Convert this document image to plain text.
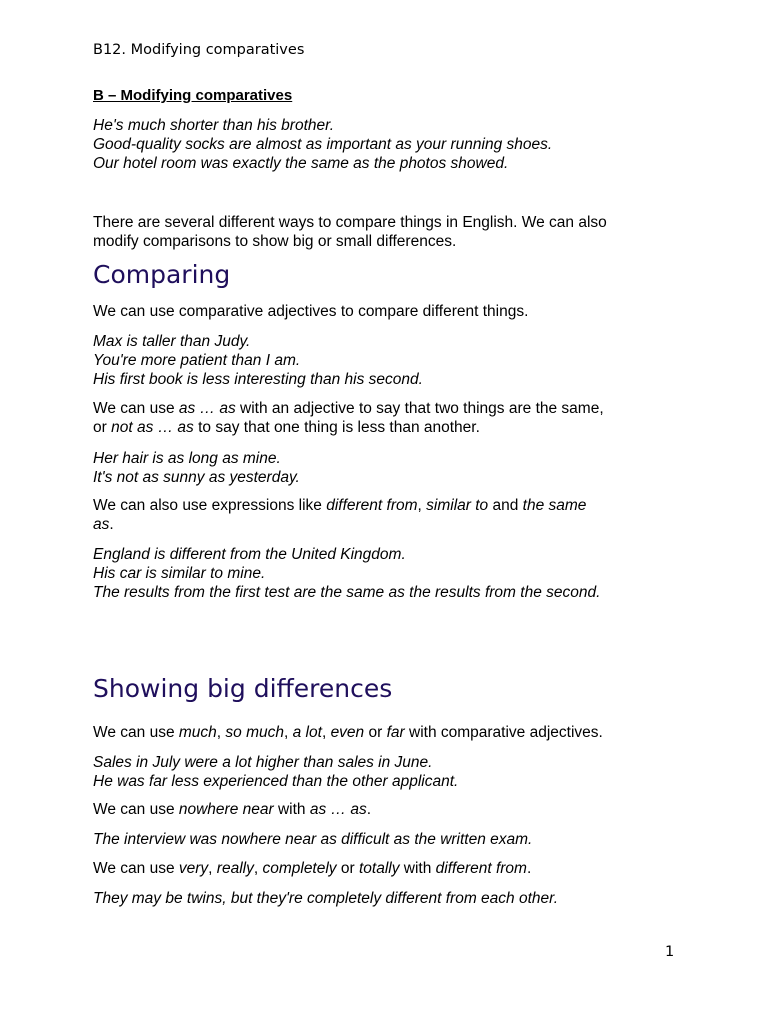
B12. Modifying comparatives
B – Modifying comparatives
He's much shorter than his brother.
Good-quality socks are almost as important as your running shoes.
Our hotel room was exactly the same as the photos showed.
There are several different ways to compare things in English. We can also
modify comparisons to show big or small differences.
Comparing
We can use comparative adjectives to compare different things.
Max is taller than Judy.
You're more patient than I am.
His first book is less interesting than his second.
We can use as … as with an adjective to say that two things are the same,
or not as … as to say that one thing is less than another.
Her hair is as long as mine.
It's not as sunny as yesterday.
We can also use expressions like different from, similar to and the same
as.
England is different from the United Kingdom.
His car is similar to mine.
The results from the first test are the same as the results from the second.
Showing big differences
We can use much, so much, a lot, even or far with comparative adjectives.
Sales in July were a lot higher than sales in June.
He was far less experienced than the other applicant.
We can use nowhere near with as … as.
The interview was nowhere near as difficult as the written exam.
We can use very, really, completely or totally with different from.
They may be twins, but they're completely different from each other.
1
